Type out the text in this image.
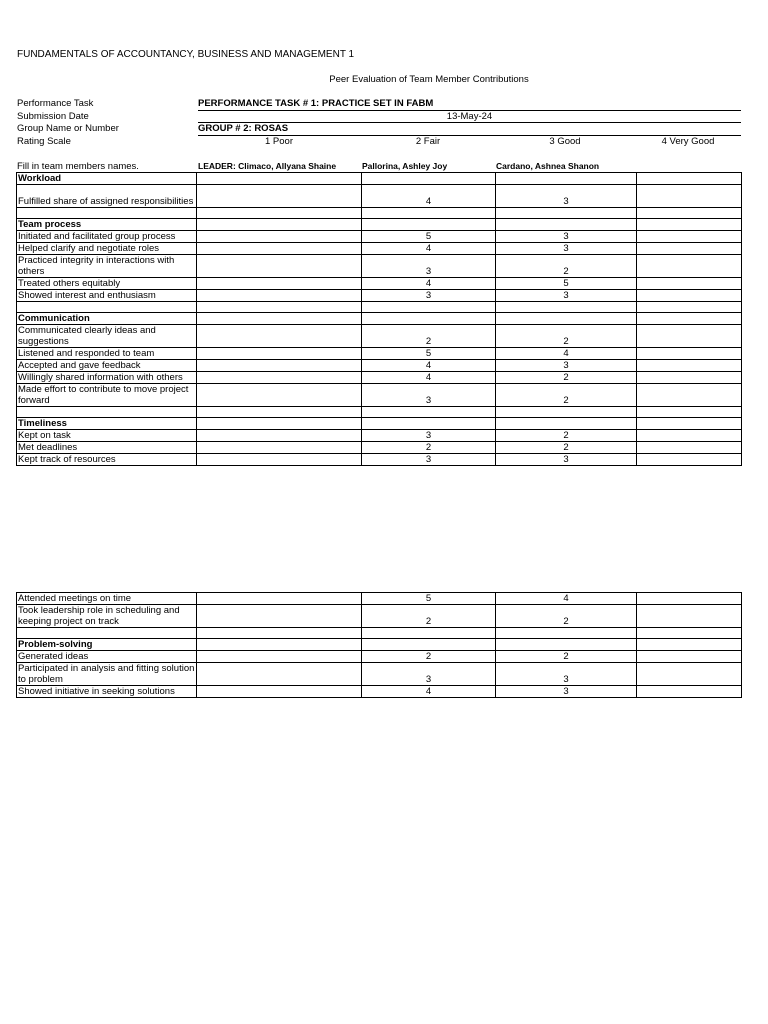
FUNDAMENTALS OF ACCOUNTANCY, BUSINESS AND MANAGEMENT 1
Peer Evaluation of Team Member Contributions
Performance Task	PERFORMANCE TASK # 1: PRACTICE SET IN FABM
Submission Date	13-May-24
Group Name or Number	GROUP # 2: ROSAS
Rating Scale	1 Poor	2 Fair	3 Good	4 Very Good
Fill in team members names.	LEADER: Climaco, Allyana Shaine	Pallorina, Ashley Joy	Cardano, Ashnea Shanon
Workload				
Fulfilled share of assigned responsibilities		4	3	

Team process				
Initiated and facilitated group process		5	3	
Helped clarify and negotiate roles		4	3	
Practiced integrity in interactions with others		3	2	
Treated others equitably		4	5	
Showed interest and enthusiasm		3	3	

Communication				
Communicated clearly ideas and suggestions		2	2	
Listened and responded to team		5	4	
Accepted and gave feedback		4	3	
Willingly shared information with others		4	2	
Made effort to contribute to move project forward		3	2	

Timeliness				
Kept on task		3	2	
Met deadlines		2	2	
Kept track of resources		3	3	
Attended meetings on time		5	4	
Took leadership role in scheduling and keeping project on track		2	2	

Problem-solving				
Generated ideas		2	2	
Participated in analysis and fitting solution to problem		3	3	
Showed initiative in seeking solutions		4	3	
